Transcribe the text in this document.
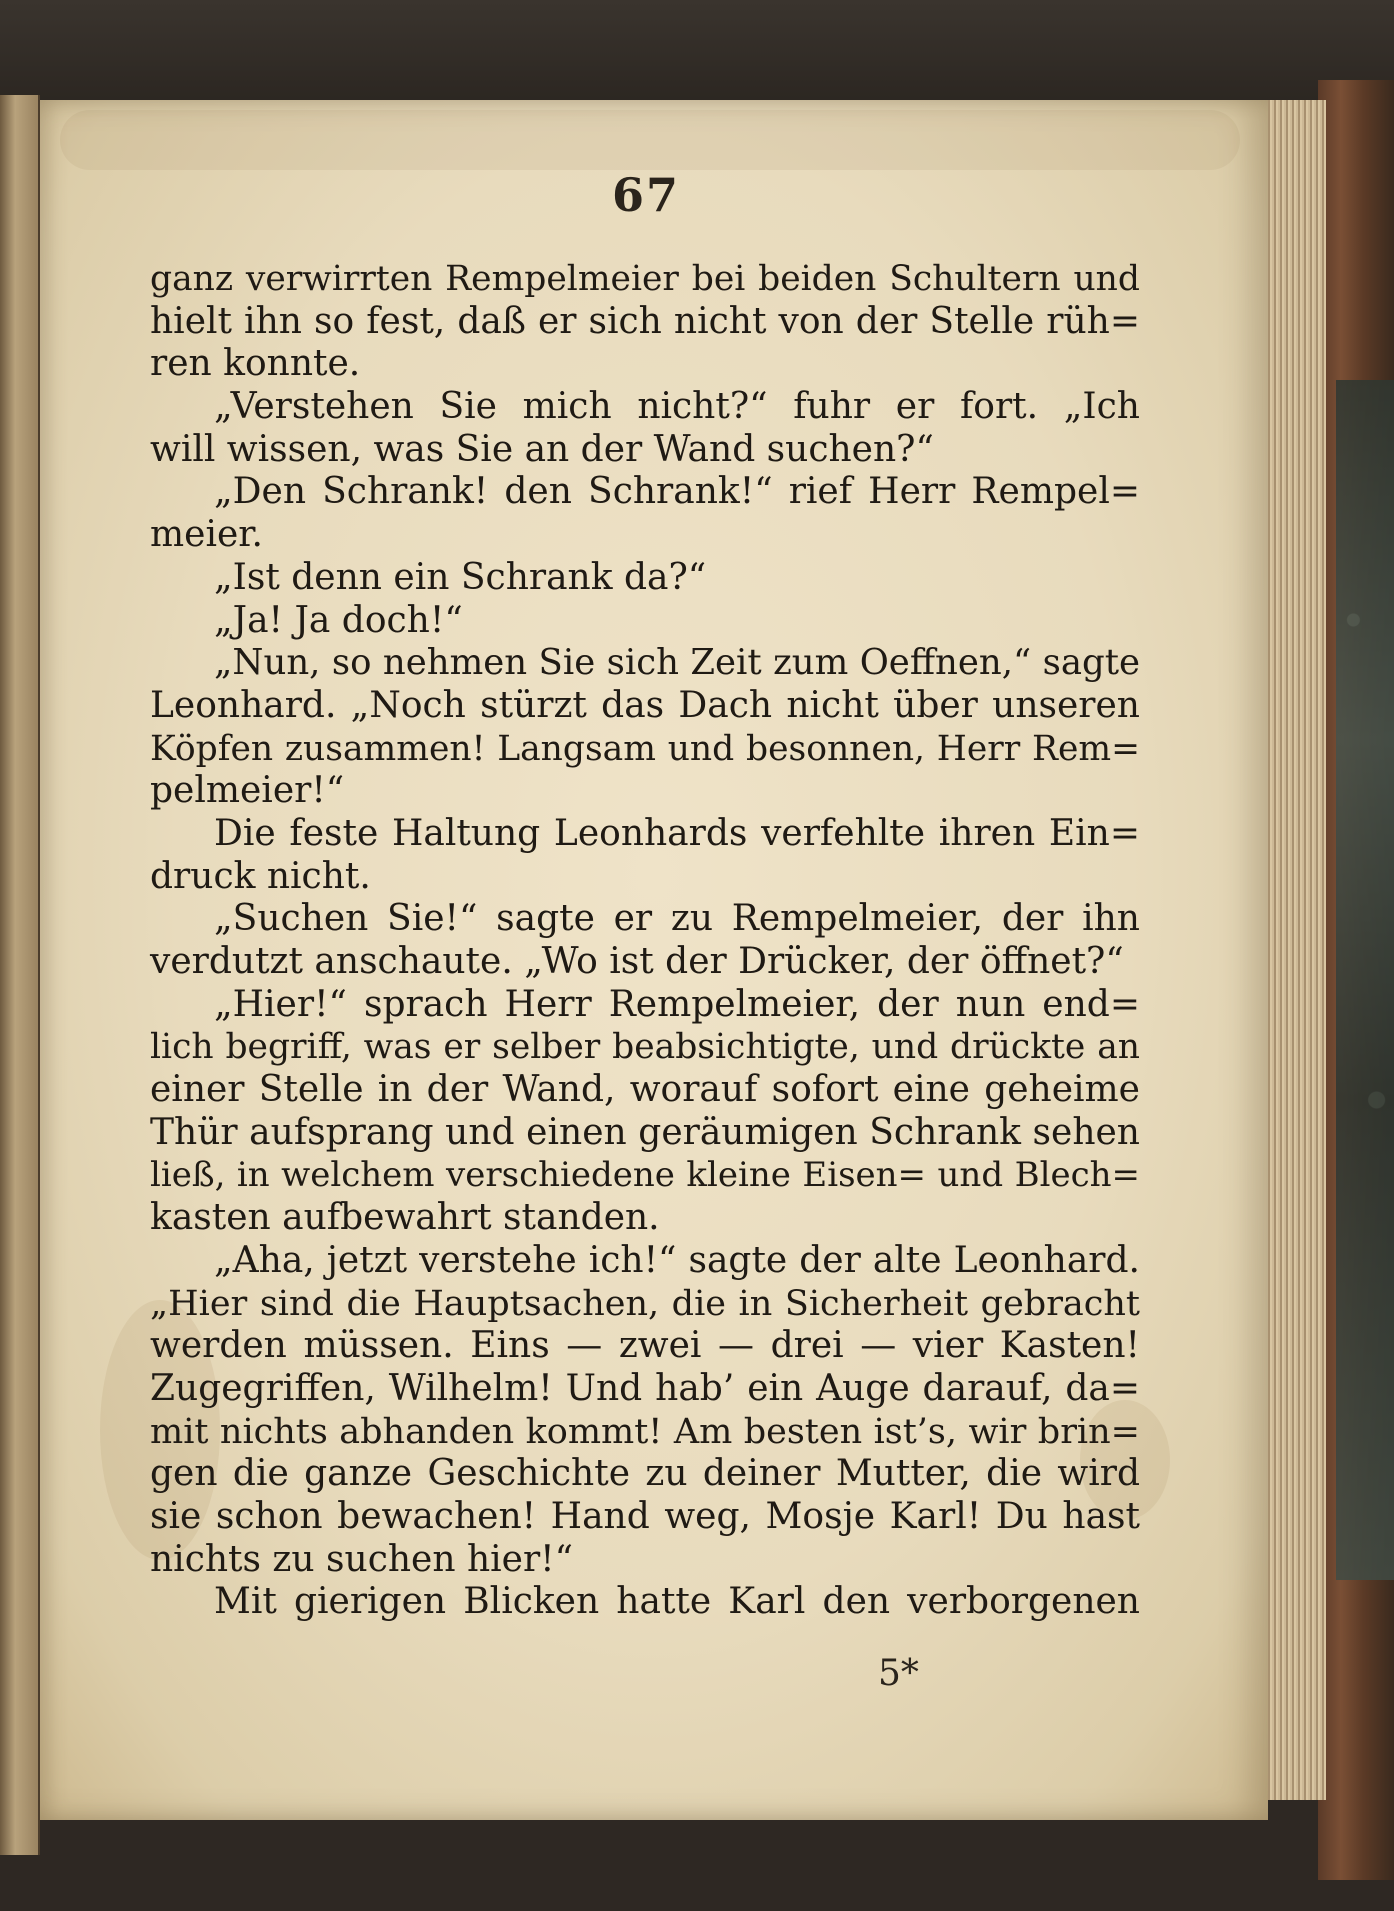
67
ganz verwirrten Rempelmeier bei beiden Schultern und
hielt ihn so fest, daß er sich nicht von der Stelle rüh=
ren konnte.
„Verstehen Sie mich nicht?“ fuhr er fort. „Ich
will wissen, was Sie an der Wand suchen?“
„Den Schrank! den Schrank!“ rief Herr Rempel=
meier.
„Ist denn ein Schrank da?“
„Ja! Ja doch!“
„Nun, so nehmen Sie sich Zeit zum Oeffnen,“ sagte
Leonhard. „Noch stürzt das Dach nicht über unseren
Köpfen zusammen! Langsam und besonnen, Herr Rem=
pelmeier!“
Die feste Haltung Leonhards verfehlte ihren Ein=
druck nicht.
„Suchen Sie!“ sagte er zu Rempelmeier, der ihn
verdutzt anschaute. „Wo ist der Drücker, der öffnet?“
„Hier!“ sprach Herr Rempelmeier, der nun end=
lich begriff, was er selber beabsichtigte, und drückte an
einer Stelle in der Wand, worauf sofort eine geheime
Thür aufsprang und einen geräumigen Schrank sehen
ließ, in welchem verschiedene kleine Eisen= und Blech=
kasten aufbewahrt standen.
„Aha, jetzt verstehe ich!“ sagte der alte Leonhard.
„Hier sind die Hauptsachen, die in Sicherheit gebracht
werden müssen. Eins — zwei — drei — vier Kasten!
Zugegriffen, Wilhelm! Und hab’ ein Auge darauf, da=
mit nichts abhanden kommt! Am besten ist’s, wir brin=
gen die ganze Geschichte zu deiner Mutter, die wird
sie schon bewachen! Hand weg, Mosje Karl! Du hast
nichts zu suchen hier!“
Mit gierigen Blicken hatte Karl den verborgenen
5*
